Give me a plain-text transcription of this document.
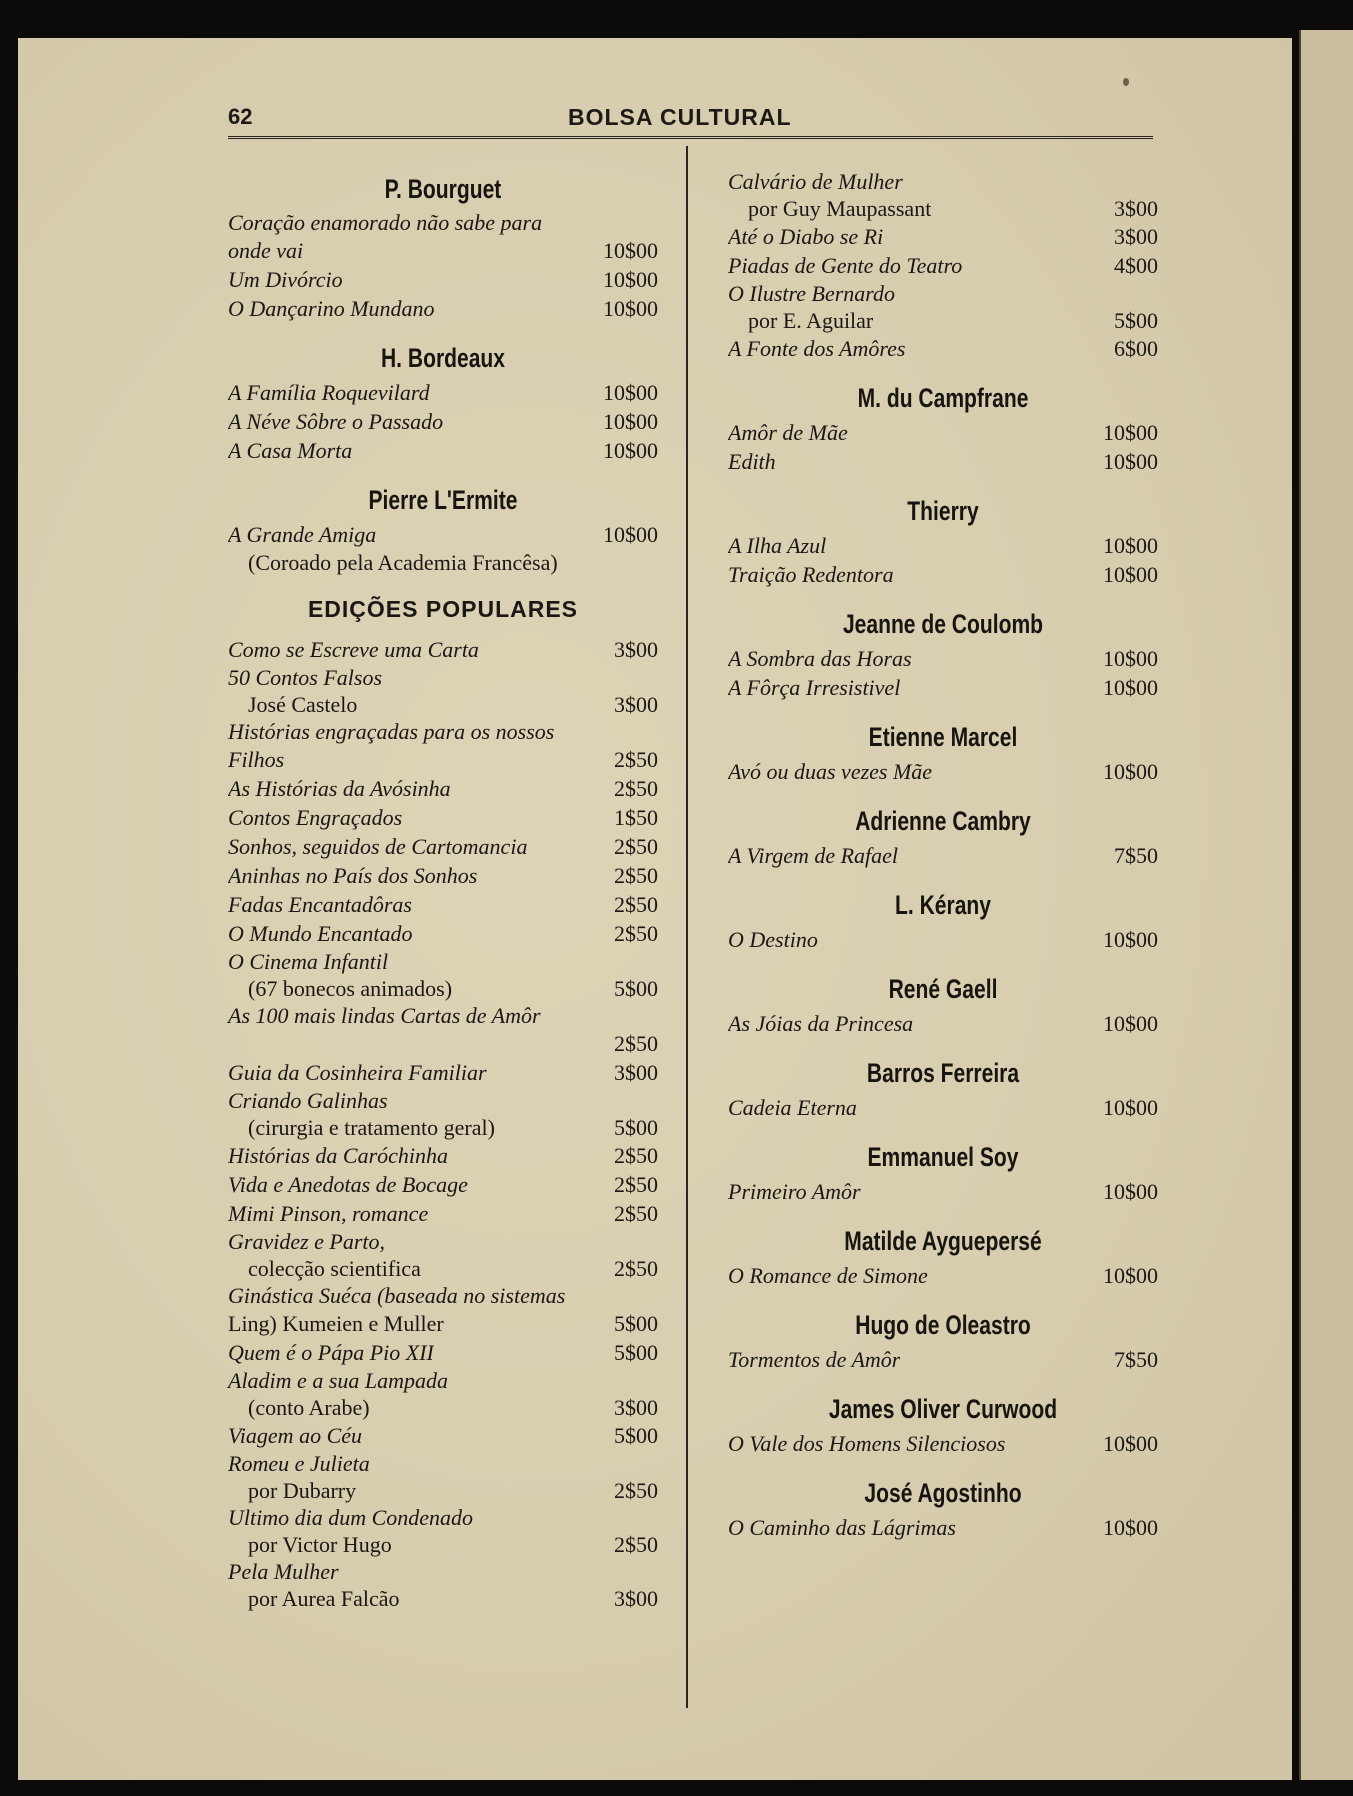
62	BOLSA CULTURAL
P. Bourguet
Coração enamorado não sabe para
onde vai	10$00
Um Divórcio	10$00
O Dançarino Mundano	10$00
H. Bordeaux
A Família Roquevilard	10$00
A Néve Sôbre o Passado	10$00
A Casa Morta	10$00
Pierre L'Ermite
A Grande Amiga	10$00
(Coroado pela Academia Francêsa)
EDIÇÕES POPULARES
Como se Escreve uma Carta	3$00
50 Contos Falsos
José Castelo	3$00
Histórias engraçadas para os nossos
Filhos	2$50
As Histórias da Avósinha	2$50
Contos Engraçados	1$50
Sonhos, seguidos de Cartomancia	2$50
Aninhas no País dos Sonhos	2$50
Fadas Encantadôras	2$50
O Mundo Encantado	2$50
O Cinema Infantil
(67 bonecos animados)	5$00
As 100 mais lindas Cartas de Amôr
2$50
Guia da Cosinheira Familiar	3$00
Criando Galinhas
(cirurgia e tratamento geral)	5$00
Histórias da Caróchinha	2$50
Vida e Anedotas de Bocage	2$50
Mimi Pinson, romance	2$50
Gravidez e Parto,
colecção scientifica	2$50
Ginástica Suéca (baseada no sistemas
Ling) Kumeien e Muller	5$00
Quem é o Pápa Pio XII	5$00
Aladim e a sua Lampada
(conto Arabe)	3$00
Viagem ao Céu	5$00
Romeu e Julieta
por Dubarry	2$50
Ultimo dia dum Condenado
por Victor Hugo	2$50
Pela Mulher
por Aurea Falcão	3$00
Calvário de Mulher
por Guy Maupassant	3$00
Até o Diabo se Ri	3$00
Piadas de Gente do Teatro	4$00
O Ilustre Bernardo
por E. Aguilar	5$00
A Fonte dos Amôres	6$00
M. du Campfrane
Amôr de Mãe	10$00
Edith	10$00
Thierry
A Ilha Azul	10$00
Traição Redentora	10$00
Jeanne de Coulomb
A Sombra das Horas	10$00
A Fôrça Irresistivel	10$00
Etienne Marcel
Avó ou duas vezes Mãe	10$00
Adrienne Cambry
A Virgem de Rafael	7$50
L. Kérany
O Destino	10$00
René Gaell
As Jóias da Princesa	10$00
Barros Ferreira
Cadeia Eterna	10$00
Emmanuel Soy
Primeiro Amôr	10$00
Matilde Ayguepersé
O Romance de Simone	10$00
Hugo de Oleastro
Tormentos de Amôr	7$50
James Oliver Curwood
O Vale dos Homens Silenciosos	10$00
José Agostinho
O Caminho das Lágrimas	10$00
